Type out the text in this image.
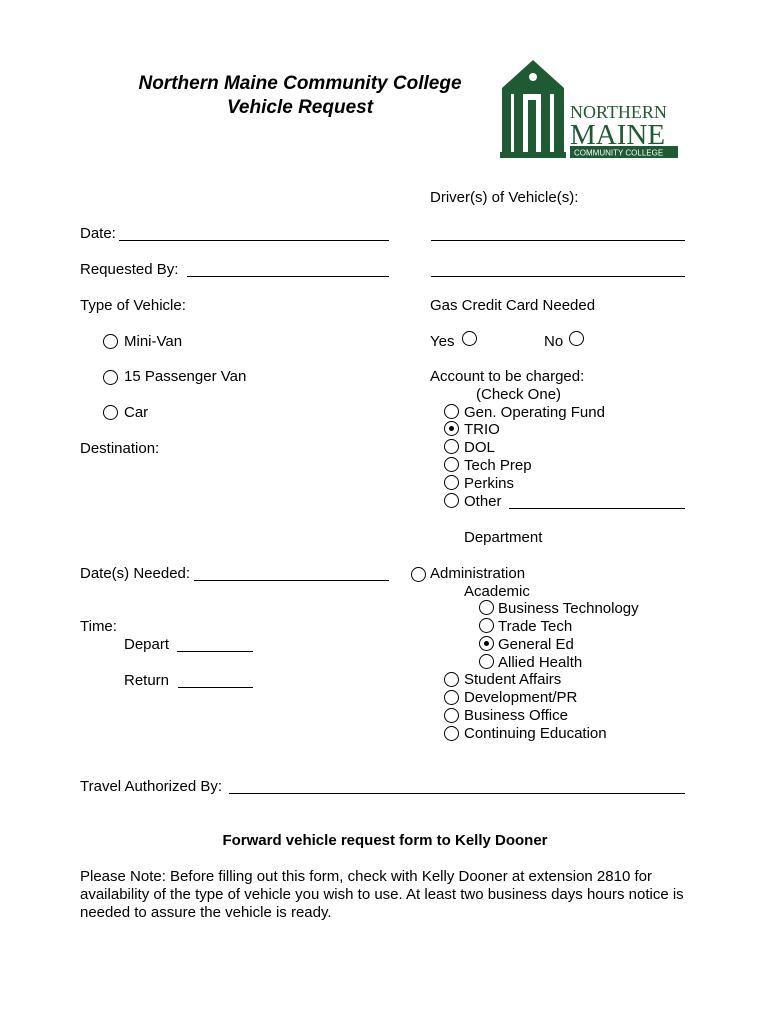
Northern Maine Community College
Vehicle Request	NORTHERN
MAINE
COMMUNITY COLLEGE
Driver(s) of Vehicle(s):
Date:
Requested By:
Type of Vehicle:
Mini-Van
15 Passenger Van
Car
Destination:
Gas Credit Card Needed
Yes	No
Account to be charged:
(Check One)
Gen. Operating Fund
TRIO
DOL
Tech Prep
Perkins
Other
Department
Date(s) Needed:	Administration
Academic
Business Technology
Trade Tech
General Ed
Allied Health
Student Affairs
Development/PR
Business Office
Continuing Education
Time:
Depart
Return
Travel Authorized By:
Forward vehicle request form to Kelly Dooner
Please Note: Before filling out this form, check with Kelly Dooner at extension 2810 for availability of the type of vehicle you wish to use. At least two business days hours notice is needed to assure the vehicle is ready.
